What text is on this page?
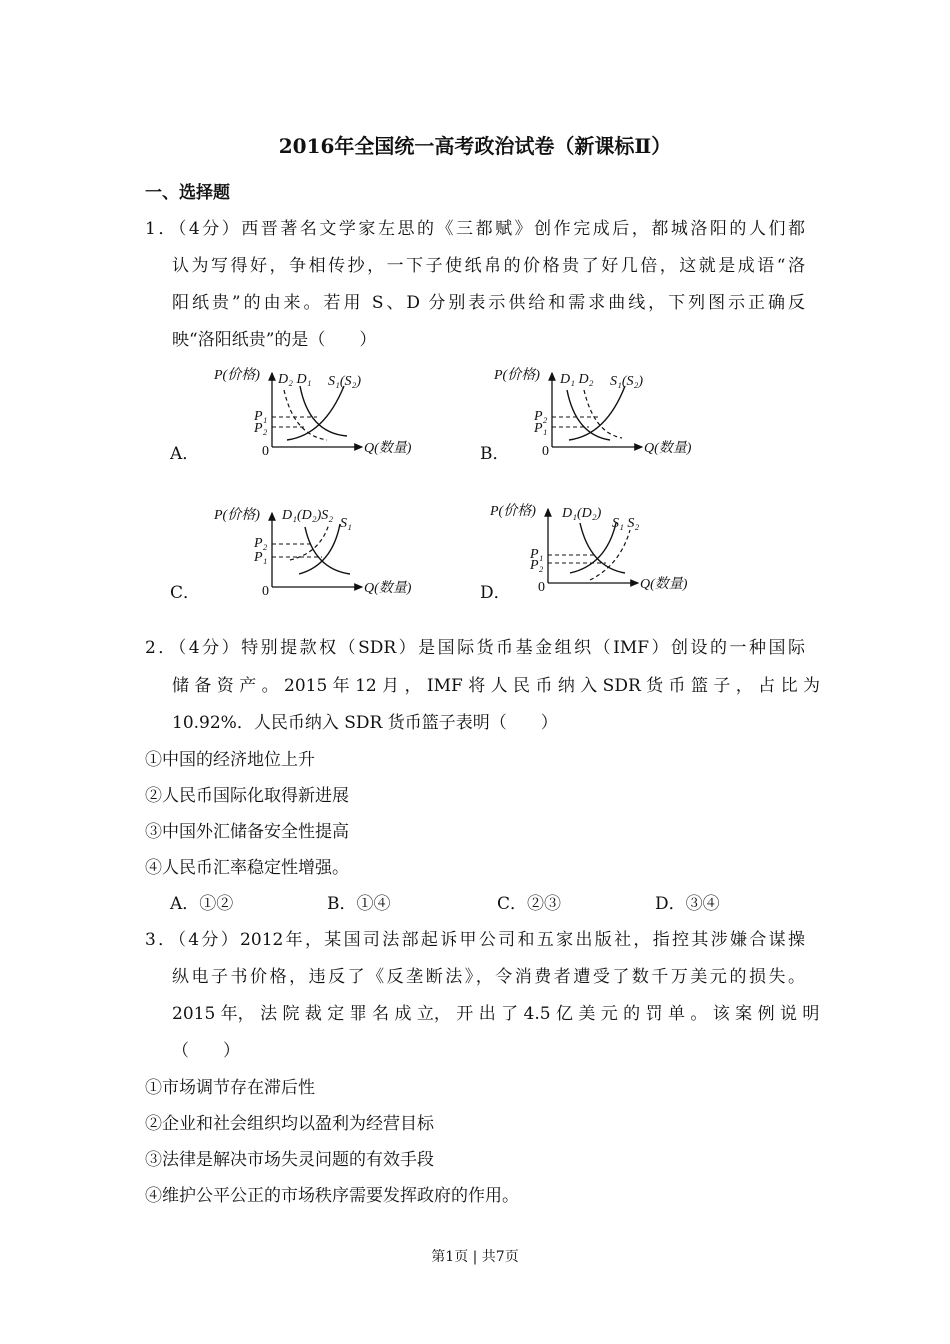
2016年全国统一高考政治试卷（新课标Ⅱ）
一、选择题
1．（4分）西晋著名文学家左思的《三都赋》创作完成后，都城洛阳的人们都
认为写得好，争相传抄，一下子使纸帛的价格贵了好几倍，这就是成语“洛
阳纸贵”的由来。若用 S、D 分别表示供给和需求曲线，下列图示正确反
映“洛阳纸贵”的是（　　）
A．	B．
C．	D．
P(价格)
Q(数量)
0
D₂ D₁ S₁(S₂)
P₁
P₂
P(价格)
Q(数量)
0
D₁ D₂ S₁(S₂)
P₂
P₁
P(价格)
Q(数量)
0
D₁(D₂)S₂
S₁
P₂
P₁
P(价格)
Q(数量)
0
D₁(D₂)
S₁ S₂
P₁
P₂
2．（4分）特别提款权（SDR）是国际货币基金组织（IMF）创设的一种国际
储 备 资 产 。 2015 年 12 月 ， IMF 将 人 民 币 纳 入 SDR 货 币 篮 子 ， 占 比 为
10.92%．人民币纳入 SDR 货币篮子表明（　　）
①中国的经济地位上升
②人民币国际化取得新进展
③中国外汇储备安全性提高
④人民币汇率稳定性增强。
A．①②	B．①④	C．②③	D．③④
3．（4分）2012年，某国司法部起诉甲公司和五家出版社，指控其涉嫌合谋操
纵电子书价格，违反了《反垄断法》，令消费者遭受了数千万美元的损失。
2015 年， 法 院 裁 定 罪 名 成 立， 开 出 了 4.5 亿 美 元 的 罚 单 。 该 案 例 说 明
（　　）
①市场调节存在滞后性
②企业和社会组织均以盈利为经营目标
③法律是解决市场失灵问题的有效手段
④维护公平公正的市场秩序需要发挥政府的作用。
第1页 | 共7页
